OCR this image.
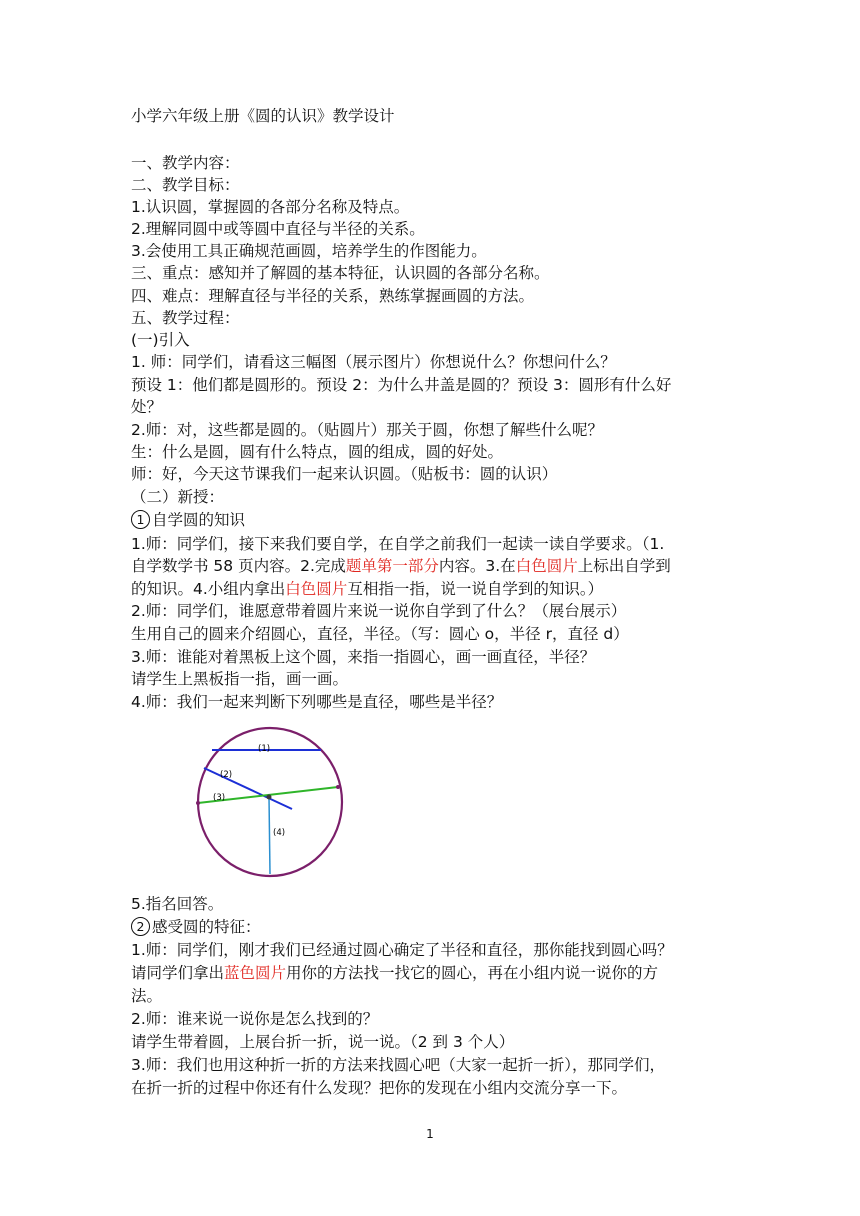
小学六年级上册《圆的认识》教学设计
一、教学内容：
二、教学目标：
1.认识圆，掌握圆的各部分名称及特点。
2.理解同圆中或等圆中直径与半径的关系。
3.会使用工具正确规范画圆，培养学生的作图能力。
三、重点：感知并了解圆的基本特征，认识圆的各部分名称。
四、难点：理解直径与半径的关系，熟练掌握画圆的方法。
五、教学过程：
(一)引入
1. 师：同学们，请看这三幅图（展示图片）你想说什么？你想问什么？
预设 1：他们都是圆形的。预设 2：为什么井盖是圆的？预设 3：圆形有什么好
处？
2.师：对，这些都是圆的。（贴圆片）那关于圆，你想了解些什么呢？
生：什么是圆，圆有什么特点，圆的组成，圆的好处。
师：好，今天这节课我们一起来认识圆。（贴板书：圆的认识）
（二）新授：
1 自学圆的知识
1.师：同学们，接下来我们要自学，在自学之前我们一起读一读自学要求。（1.
自学数学书 58 页内容。2.完成题单第一部分内容。3.在白色圆片上标出自学到
的知识。4.小组内拿出白色圆片互相指一指，说一说自学到的知识。）
2.师：同学们，谁愿意带着圆片来说一说你自学到了什么？（展台展示）
生用自己的圆来介绍圆心，直径，半径。（写：圆心 o，半径 r，直径 d）
3.师：谁能对着黑板上这个圆，来指一指圆心，画一画直径，半径？
请学生上黑板指一指，画一画。
4.师：我们一起来判断下列哪些是直径，哪些是半径？
(1)
(2)
(3)
(4)
5.指名回答。
2 感受圆的特征：
1.师：同学们，刚才我们已经通过圆心确定了半径和直径，那你能找到圆心吗？
请同学们拿出蓝色圆片用你的方法找一找它的圆心，再在小组内说一说你的方
法。
2.师：谁来说一说你是怎么找到的？
请学生带着圆，上展台折一折，说一说。（2 到 3 个人）
3.师：我们也用这种折一折的方法来找圆心吧（大家一起折一折），那同学们，
在折一折的过程中你还有什么发现？把你的发现在小组内交流分享一下。
1
